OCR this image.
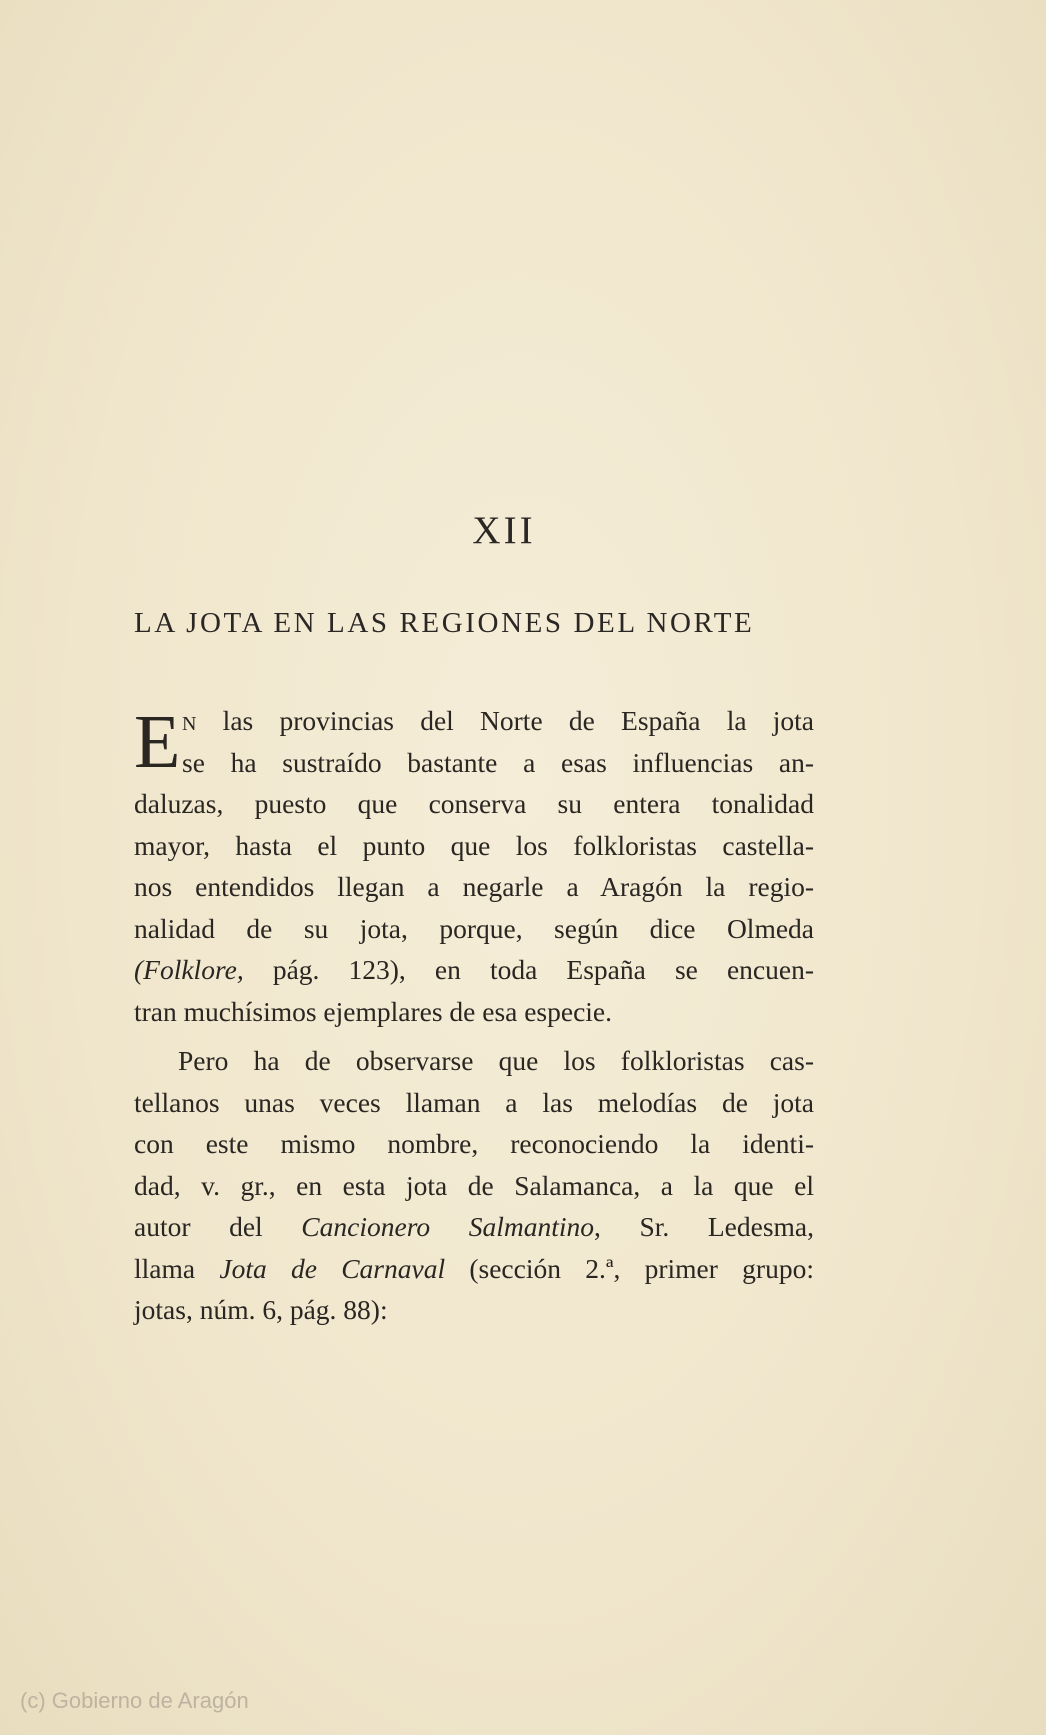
XII
LA JOTA EN LAS REGIONES DEL NORTE
E N las provincias del Norte de España la jota
se ha sustraído bastante a esas influencias an-
daluzas, puesto que conserva su entera tonalidad
mayor, hasta el punto que los folkloristas castella-
nos entendidos llegan a negarle a Aragón la regio-
nalidad de su jota, porque, según dice Olmeda
(Folklore, pág. 123), en toda España se encuen-
tran muchísimos ejemplares de esa especie.
Pero ha de observarse que los folkloristas cas-
tellanos unas veces llaman a las melodías de jota
con este mismo nombre, reconociendo la identi-
dad, v. gr., en esta jota de Salamanca, a la que el
autor del Cancionero Salmantino, Sr. Ledesma,
llama Jota de Carnaval (sección 2.ª, primer grupo:
jotas, núm. 6, pág. 88):
(c) Gobierno de Aragón
